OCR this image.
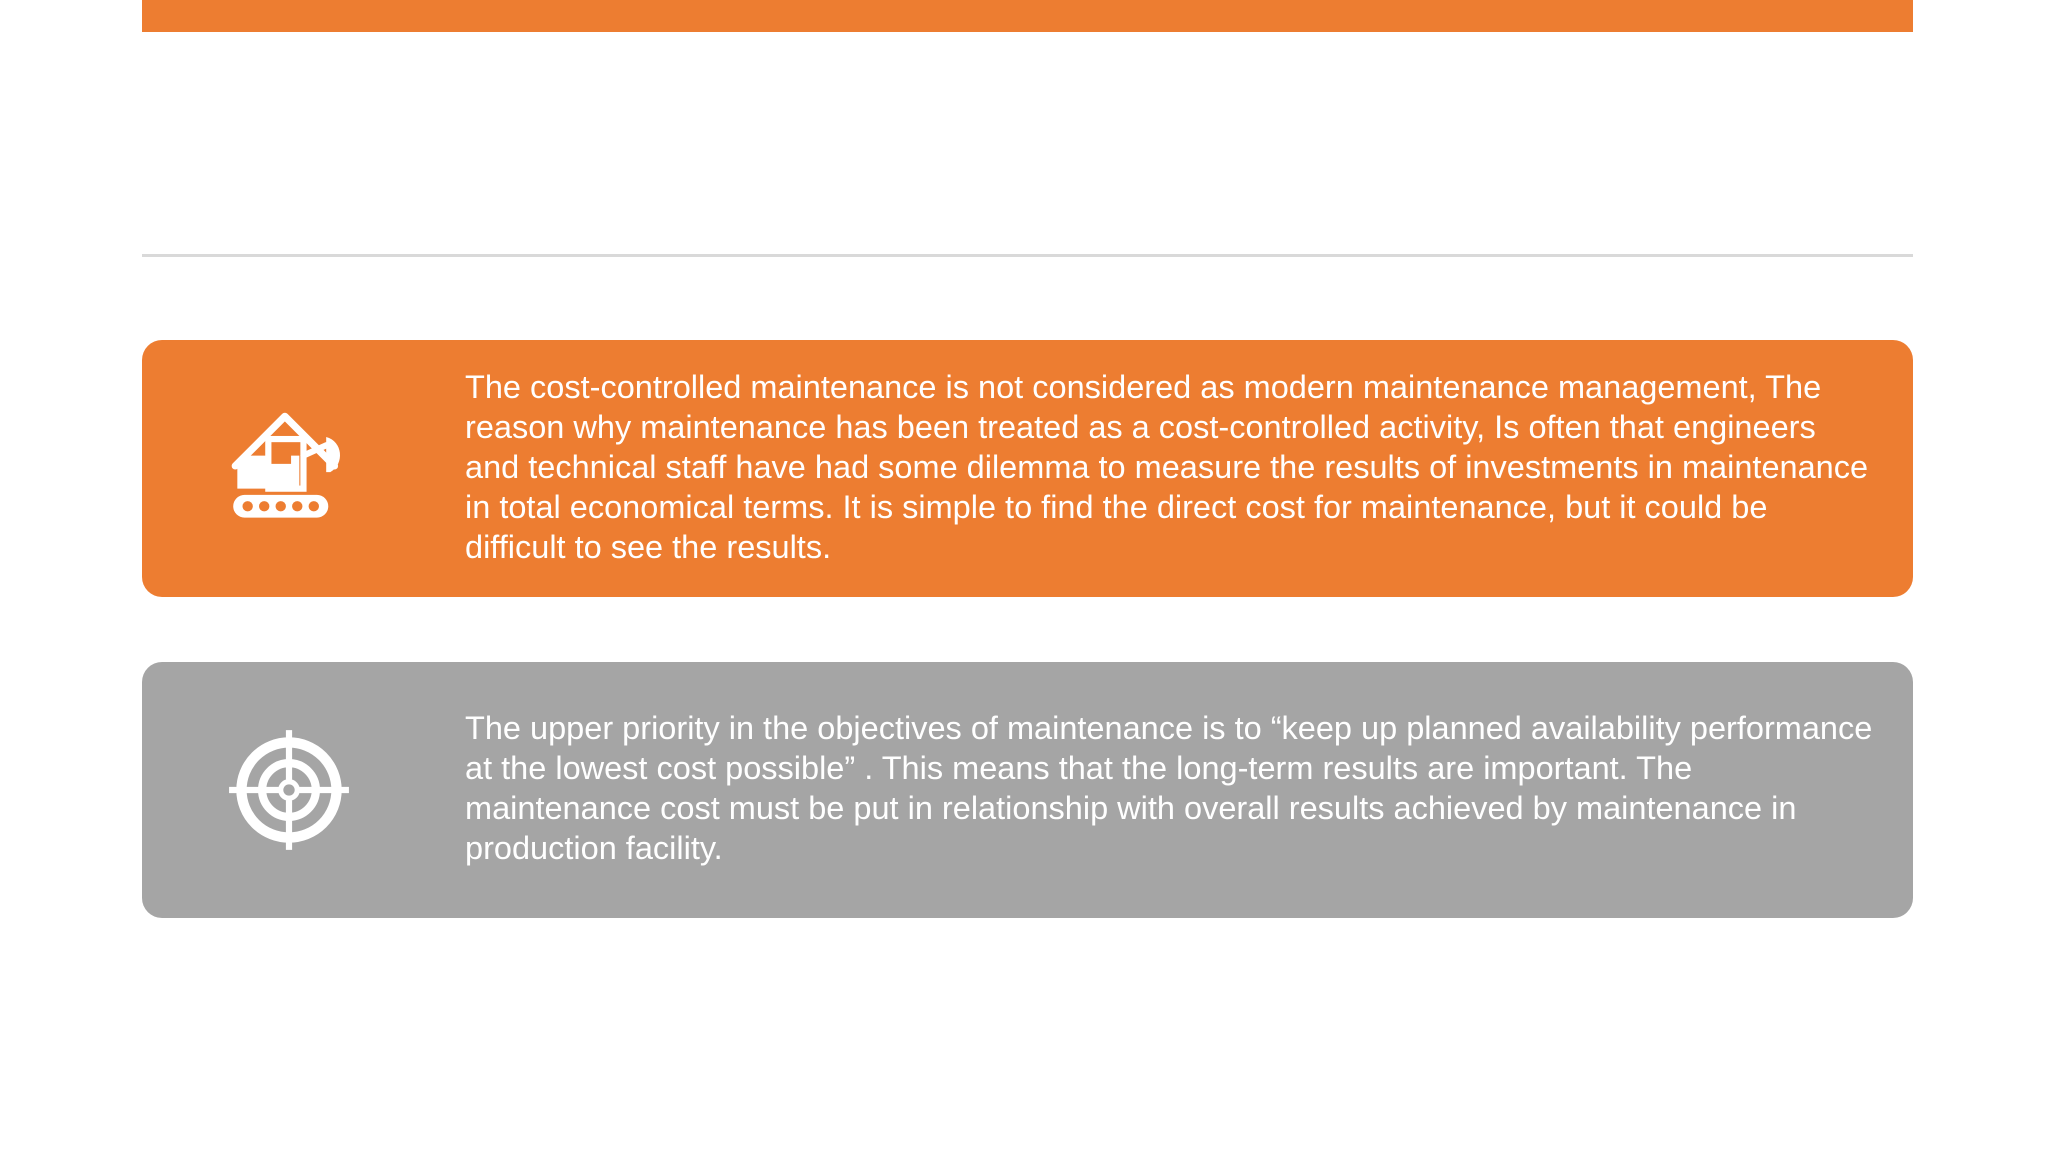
The cost-controlled maintenance is not considered as modern maintenance management, The reason why maintenance has been treated as a cost-controlled activity, Is often that engineers and technical staff have had some dilemma to measure the results of investments in maintenance in total economical terms. It is simple to find the direct cost for maintenance, but it could be difficult to see the results.

The upper priority in the objectives of maintenance is to “keep up planned availability performance at the lowest cost possible” . This means that the long-term results are important. The maintenance cost must be put in relationship with overall results achieved by maintenance in production facility.
